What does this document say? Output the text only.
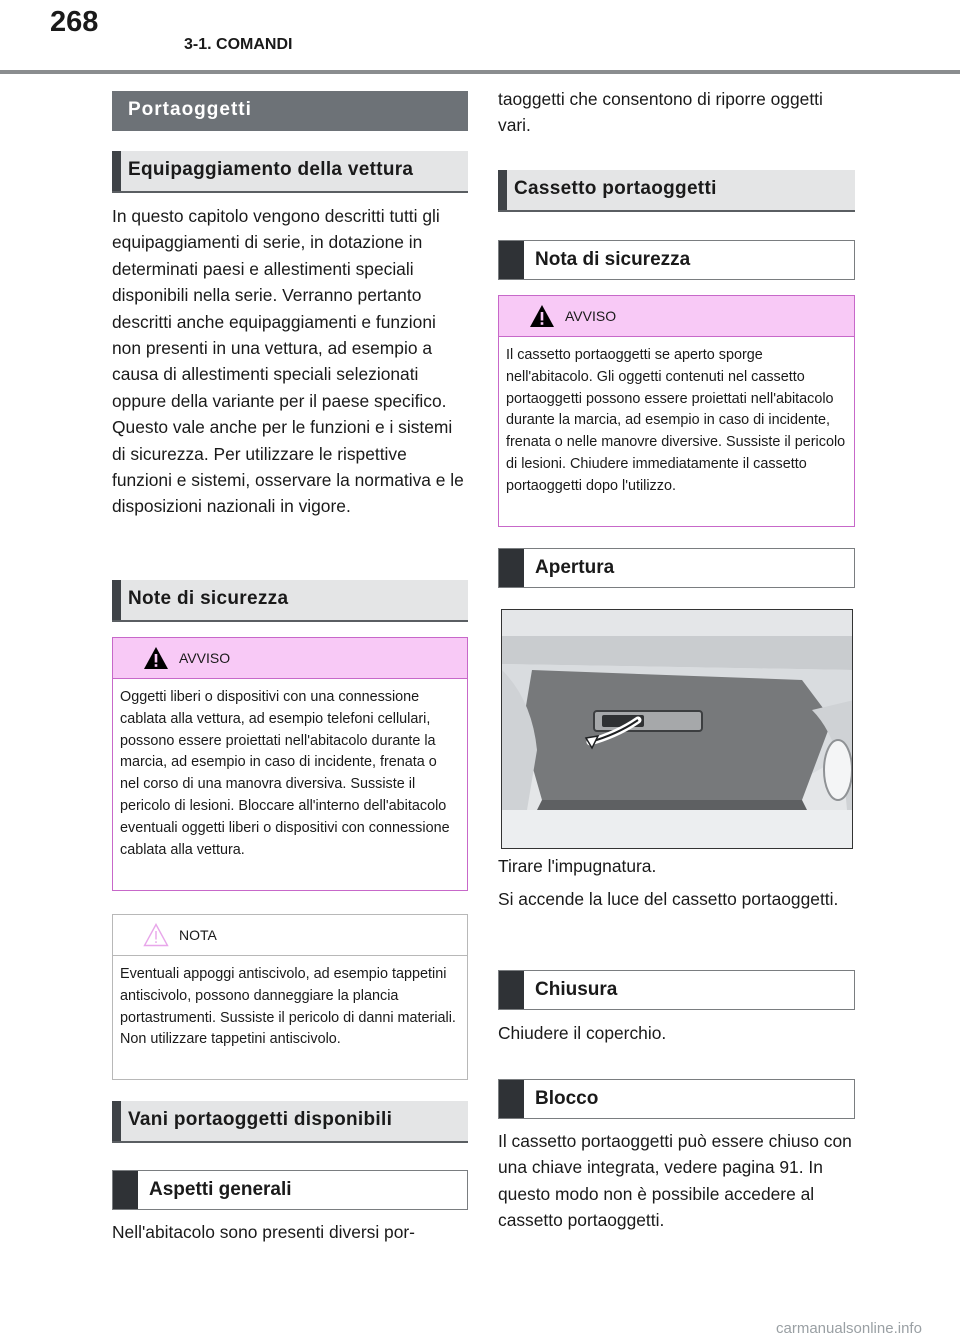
268
3-1. COMANDI
Portaoggetti
Equipaggiamento della vettura

In questo capitolo vengono descritti tutti gli equipaggiamenti di serie, in dotazione in determinati paesi e allestimenti speciali disponibili nella serie. Verranno pertanto descritti anche equipaggiamenti e funzioni non presenti in una vettura, ad esempio a causa di allestimenti speciali selezionati oppure della variante per il paese specifico. Questo vale anche per le funzioni e i sistemi di sicurezza. Per utilizzare le rispettive funzioni e sistemi, osservare la normativa e le disposizioni nazionali in vigore.

Note di sicurezza
AVVISO
Oggetti liberi o dispositivi con una connessione cablata alla vettura, ad esempio telefoni cellulari, possono essere proiettati nell'abitacolo durante la marcia, ad esempio in caso di incidente, frenata o nel corso di una manovra diversiva. Sussiste il pericolo di lesioni. Bloccare all'interno dell'abitacolo eventuali oggetti liberi o dispositivi con connessione cablata alla vettura.
NOTA
Eventuali appoggi antiscivolo, ad esempio tappetini antiscivolo, possono danneggiare la plancia portastrumenti. Sussiste il pericolo di danni materiali. Non utilizzare tappetini antiscivolo.
Vani portaoggetti disponibili
Aspetti generali

Nell'abitacolo sono presenti diversi por-

taoggetti che consentono di riporre oggetti vari.

Cassetto portaoggetti
Nota di sicurezza
AVVISO
Il cassetto portaoggetti se aperto sporge nell'abitacolo. Gli oggetti contenuti nel cassetto portaoggetti possono essere proiettati nell'abitacolo durante la marcia, ad esempio in caso di incidente, frenata o nelle manovre diversive. Sussiste il pericolo di lesioni. Chiudere immediatamente il cassetto portaoggetti dopo l'utilizzo.
Apertura

Tirare l'impugnatura.

Si accende la luce del cassetto portaoggetti.

Chiusura

Chiudere il coperchio.

Blocco

Il cassetto portaoggetti può essere chiuso con una chiave integrata, vedere pagina 91. In questo modo non è possibile accedere al cassetto portaoggetti.

carmanualsonline.info
